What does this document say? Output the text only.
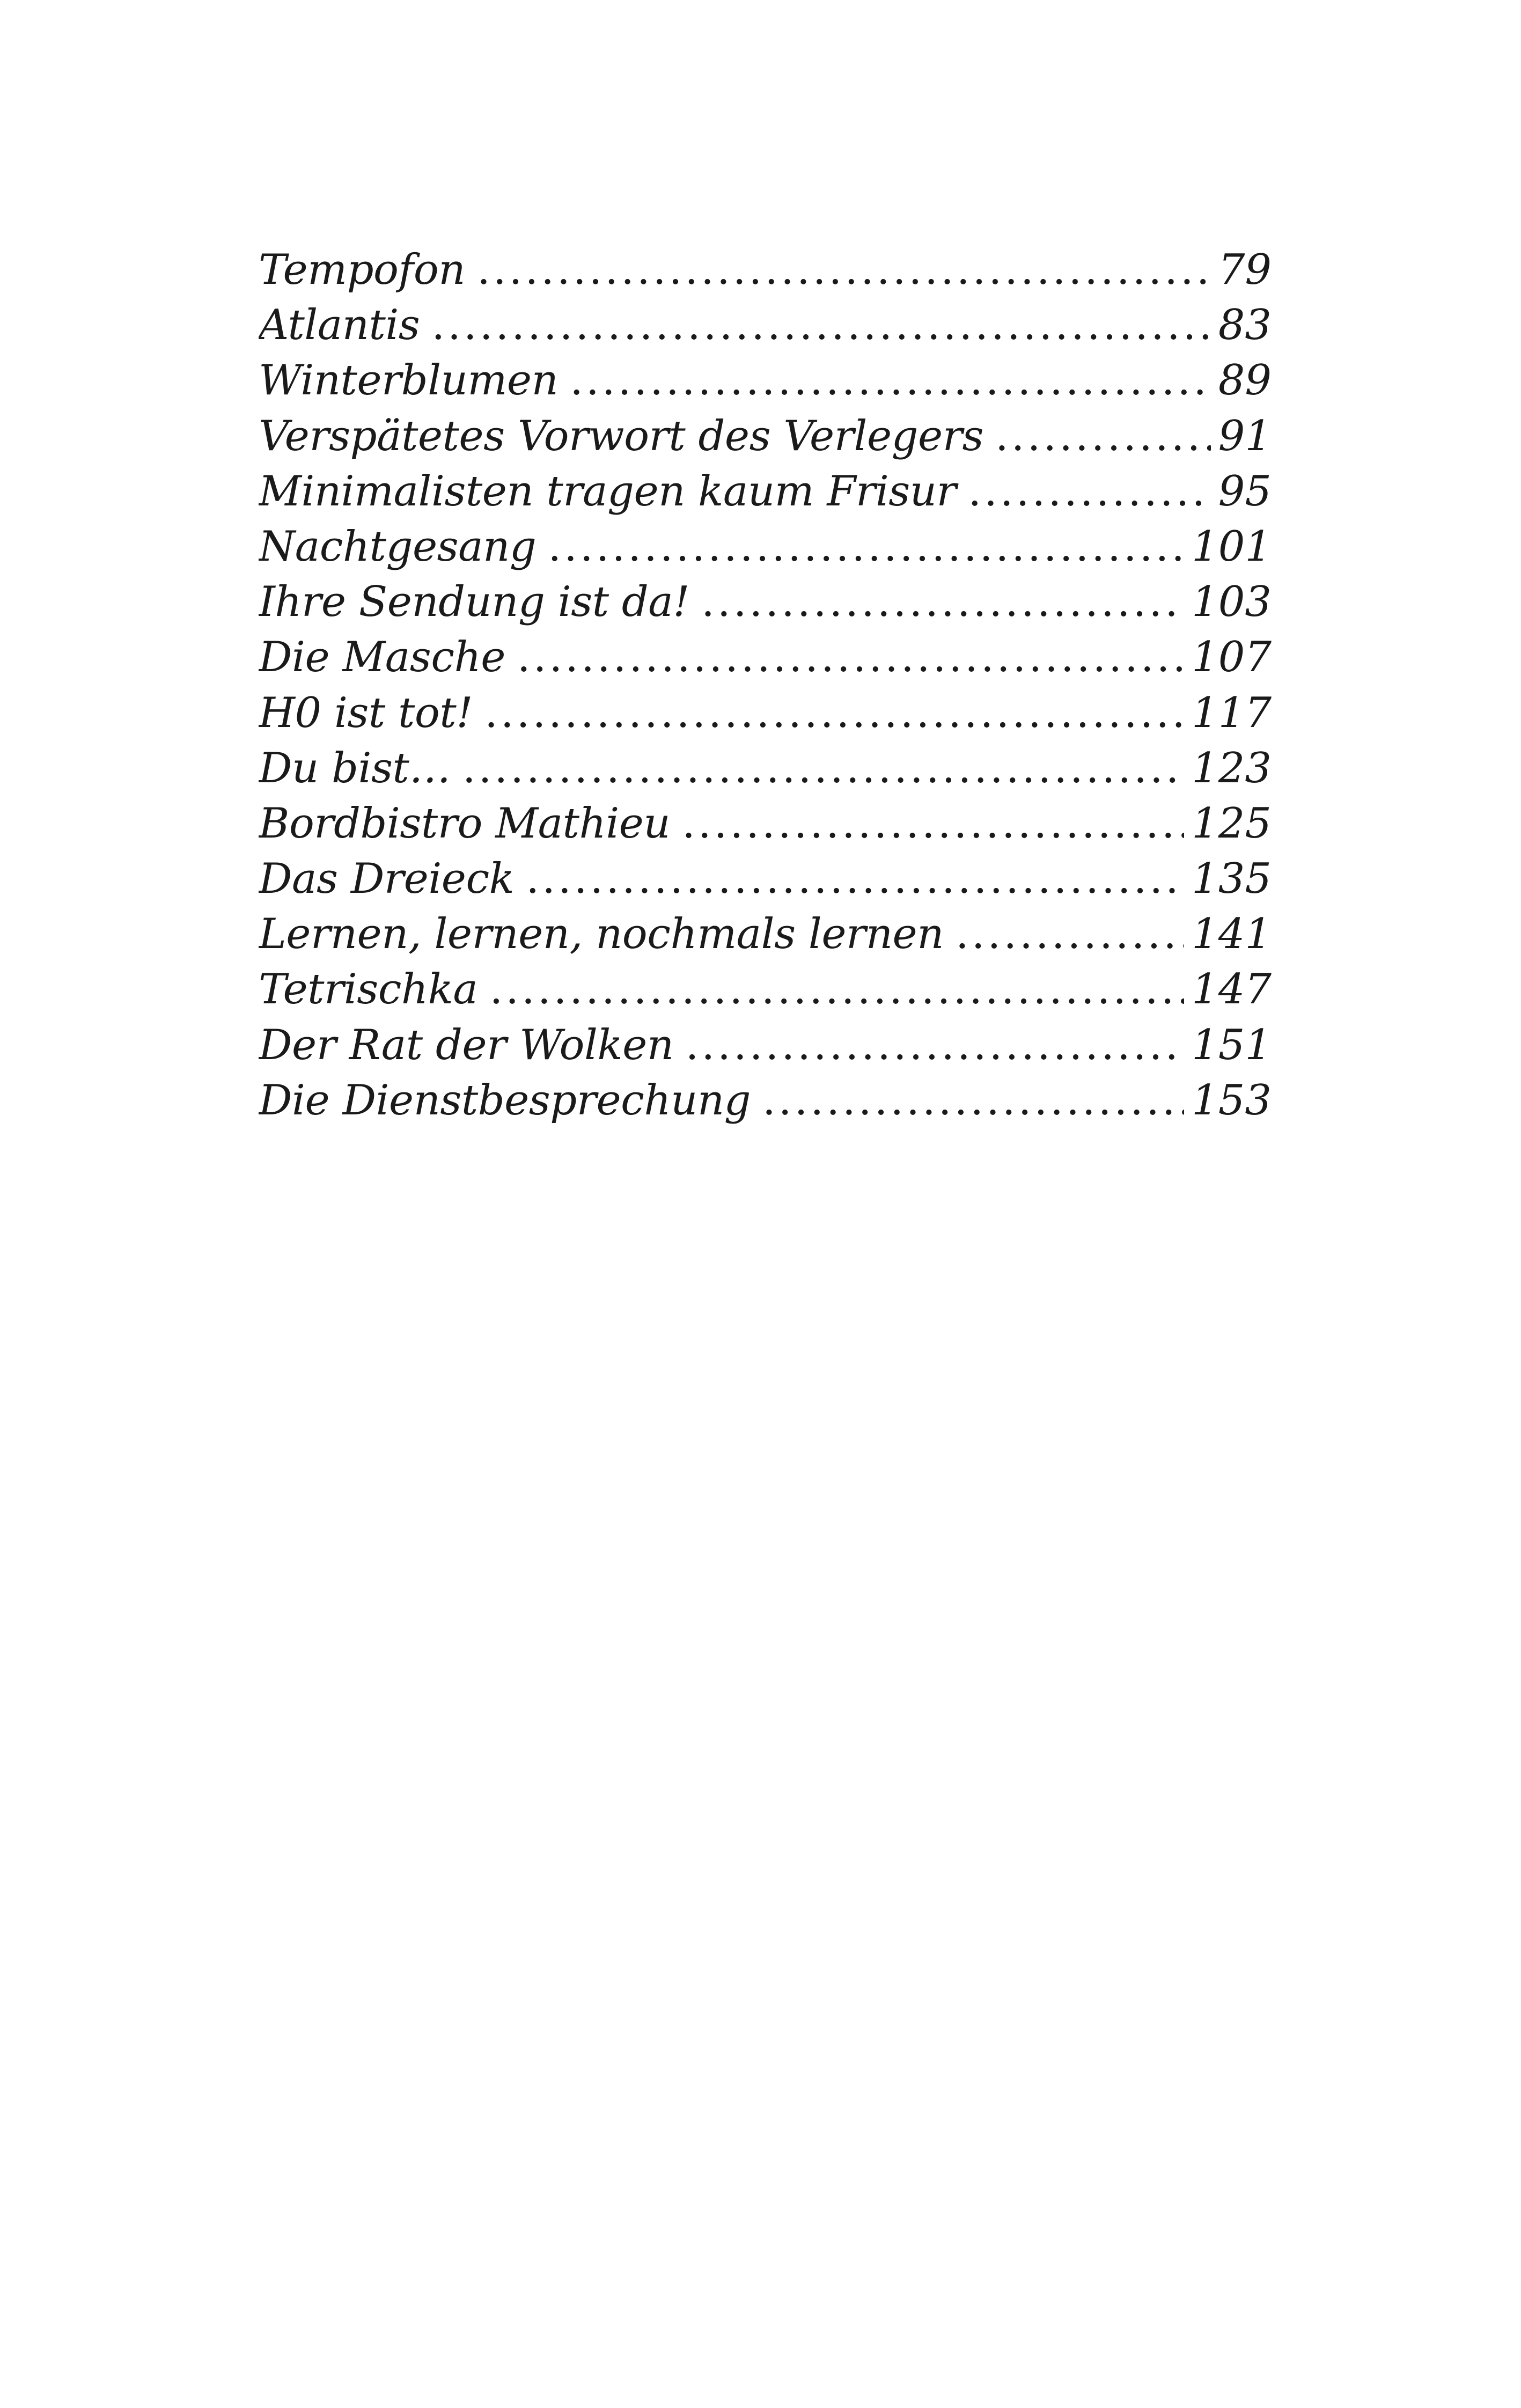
Tempofon .....	79
Atlantis .....	83
Winterblumen .....	89
Verspätetes Vorwort des Verlegers .....	91
Minimalisten tragen kaum Frisur .....	95
Nachtgesang .....	101
Ihre Sendung ist da! .....	103
Die Masche .....	107
H0 ist tot! .....	117
Du bist… .....	123
Bordbistro Mathieu .....	125
Das Dreieck .....	135
Lernen, lernen, nochmals lernen .....	141
Tetrischka .....	147
Der Rat der Wolken .....	151
Die Dienstbesprechung .....	153
